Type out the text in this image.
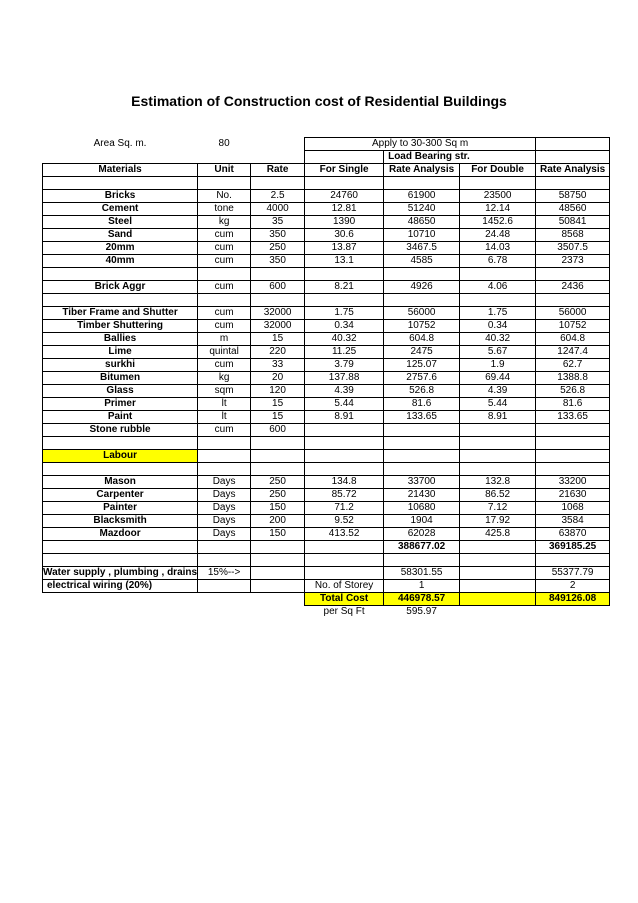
Estimation of Construction cost of Residential Buildings
Area Sq. m.	80		Apply to 30-300 Sq m			
				Load Bearing str.		
Materials	Unit	Rate	For Single	Rate Analysis	For Double	Rate Analysis

Bricks	No.	2.5	24760	61900	23500	58750
Cement	tone	4000	12.81	51240	12.14	48560
Steel	kg	35	1390	48650	1452.6	50841
Sand	cum	350	30.6	10710	24.48	8568
20mm	cum	250	13.87	3467.5	14.03	3507.5
40mm	cum	350	13.1	4585	6.78	2373

Brick Aggr	cum	600	8.21	4926	4.06	2436

Tiber Frame and Shutter	cum	32000	1.75	56000	1.75	56000
Timber Shuttering	cum	32000	0.34	10752	0.34	10752
Ballies	m	15	40.32	604.8	40.32	604.8
Lime	quintal	220	11.25	2475	5.67	1247.4
surkhi	cum	33	3.79	125.07	1.9	62.7
Bitumen	kg	20	137.88	2757.6	69.44	1388.8
Glass	sqm	120	4.39	526.8	4.39	526.8
Primer	lt	15	5.44	81.6	5.44	81.6
Paint	lt	15	8.91	133.65	8.91	133.65
Stone rubble	cum	600				

Labour						

Mason	Days	250	134.8	33700	132.8	33200
Carpenter	Days	250	85.72	21430	86.52	21630
Painter	Days	150	71.2	10680	7.12	1068
Blacksmith	Days	200	9.52	1904	17.92	3584
Mazdoor	Days	150	413.52	62028	425.8	63870
				388677.02		369185.25

Water supply , plumbing , drains	15%-->			58301.55		55377.79
electrical wiring (20%)			No. of Storey	1		2
			Total Cost	446978.57		849126.08
			per Sq Ft	595.97		
